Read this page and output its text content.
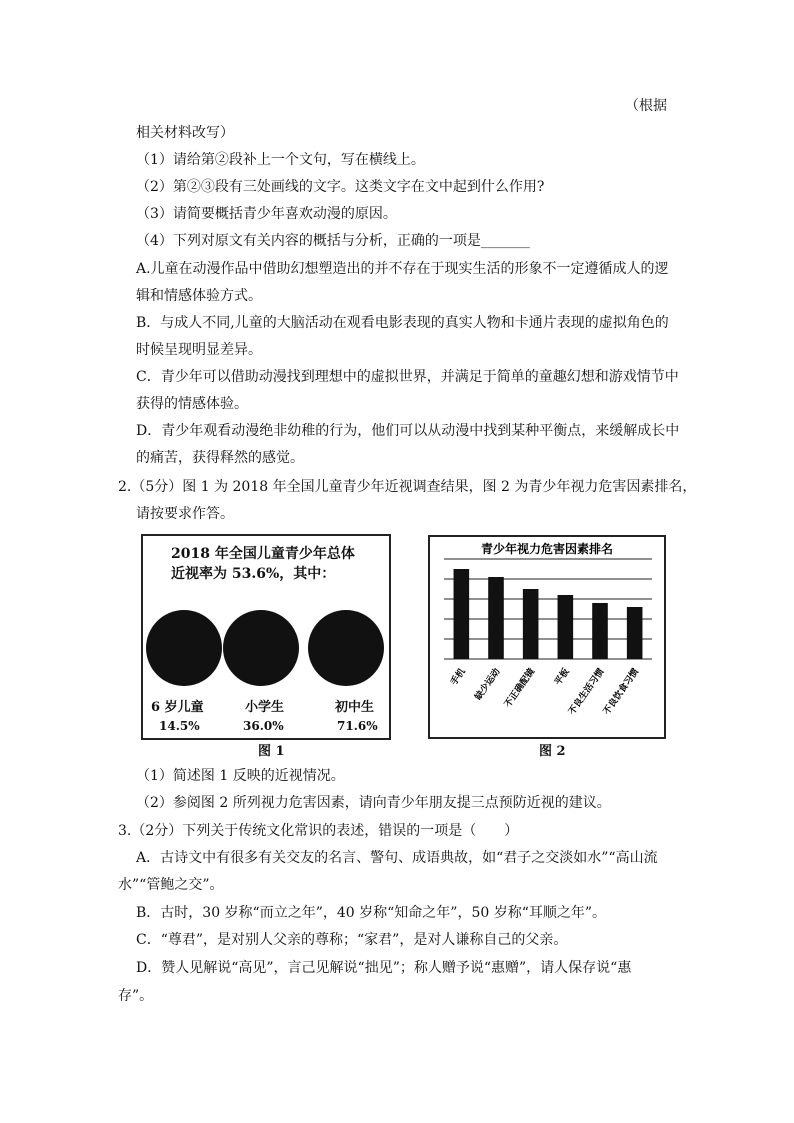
（根据
相关材料改写）
（1）请给第②段补上一个文句，写在横线上。
（2）第②③段有三处画线的文字。这类文字在文中起到什么作用?
（3）请简要概括青少年喜欢动漫的原因。
（4）下列对原文有关内容的概括与分析，正确的一项是_______
A.儿童在动漫作品中借助幻想塑造出的并不存在于现实生活的形象不一定遵循成人的逻
辑和情感体验方式。
B．与成人不同,儿童的大脑活动在观看电影表现的真实人物和卡通片表现的虚拟角色的
时候呈现明显差异。
C．青少年可以借助动漫找到理想中的虚拟世界，并满足于简单的童趣幻想和游戏情节中
获得的情感体验。
D．青少年观看动漫绝非幼稚的行为，他们可以从动漫中找到某种平衡点，来缓解成长中
的痛苦，获得释然的感觉。
2.（5分）图 1 为 2018 年全国儿童青少年近视调查结果，图 2 为青少年视力危害因素排名，
请按要求作答。
2018 年全国儿童青少年总体
近视率为 53.6%，其中：
6 岁儿童	小学生	初中生
14.5%	36.0%	71.6%
图 1
青少年视力危害因素排名
手机 缺少运动 不正确配镜 平板
不良生活习惯
不良饮食习惯
图 2
（1）简述图 1 反映的近视情况。
（2）参阅图 2 所列视力危害因素，请向青少年朋友提三点预防近视的建议。
3.（2分）下列关于传统文化常识的表述，错误的一项是（　　）
A．古诗文中有很多有关交友的名言、警句、成语典故，如“君子之交淡如水”“高山流
水”“管鲍之交”。
B．古时，30 岁称“而立之年”，40 岁称“知命之年”，50 岁称“耳顺之年”。
C．“尊君”，是对别人父亲的尊称；“家君”，是对人谦称自己的父亲。
D．赞人见解说“高见”，言己见解说“拙见”；称人赠予说“惠赠”，请人保存说“惠
存”。
